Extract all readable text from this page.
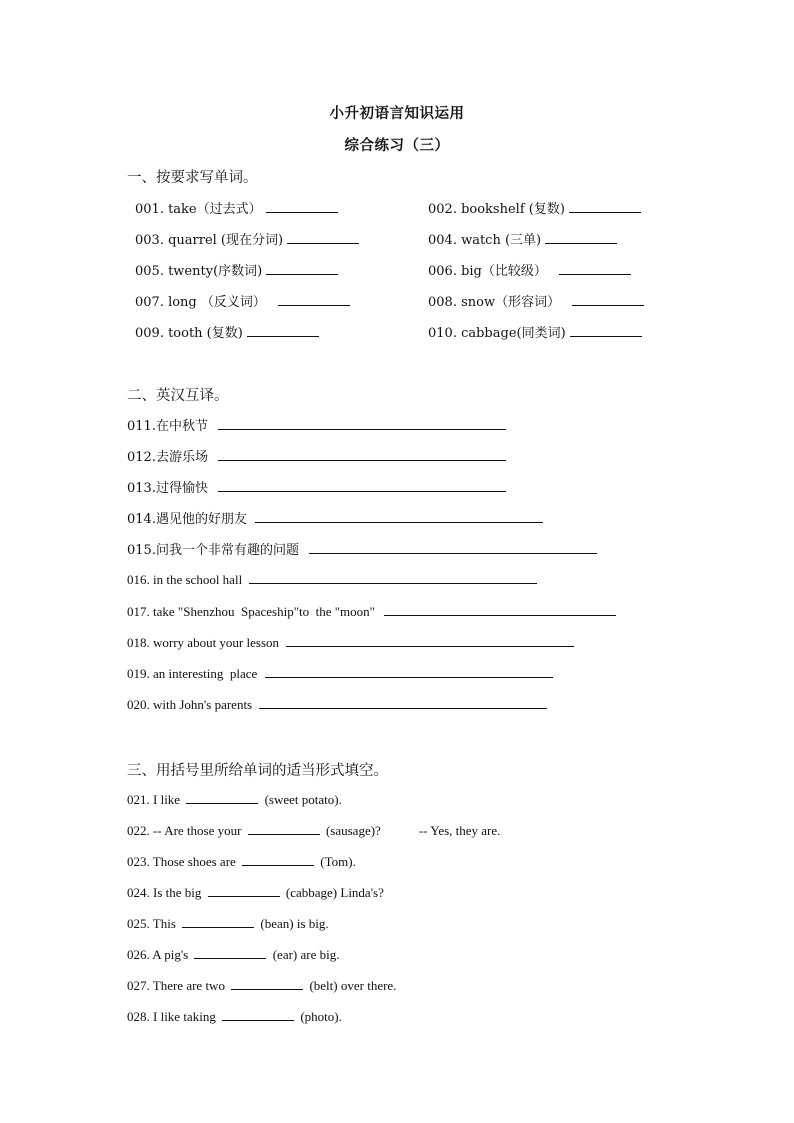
小升初语言知识运用
综合练习（三）
一、按要求写单词。
001. take（过去式）	002. bookshelf (复数)
003. quarrel (现在分词)	004. watch (三单)
005. twenty(序数词)	006. big（比较级）
007. long （反义词）	008. snow（形容词）
009. tooth (复数)	010. cabbage(同类词)
二、英汉互译。
011.在中秋节
012.去游乐场
013.过得愉快
014.遇见他的好朋友
015.问我一个非常有趣的问题
016. in the school hall
017. take "Shenzhou  Spaceship"to  the "moon"
018. worry about your lesson
019. an interesting  place
020. with John's parents
三、用括号里所给单词的适当形式填空。
021. I like	(sweet potato).
022. -- Are those your	(sausage)?	-- Yes, they are.
023. Those shoes are	(Tom).
024. Is the big	(cabbage) Linda's?
025. This	(bean) is big.
026. A pig's	(ear) are big.
027. There are two	(belt) over there.
028. I like taking	(photo).
